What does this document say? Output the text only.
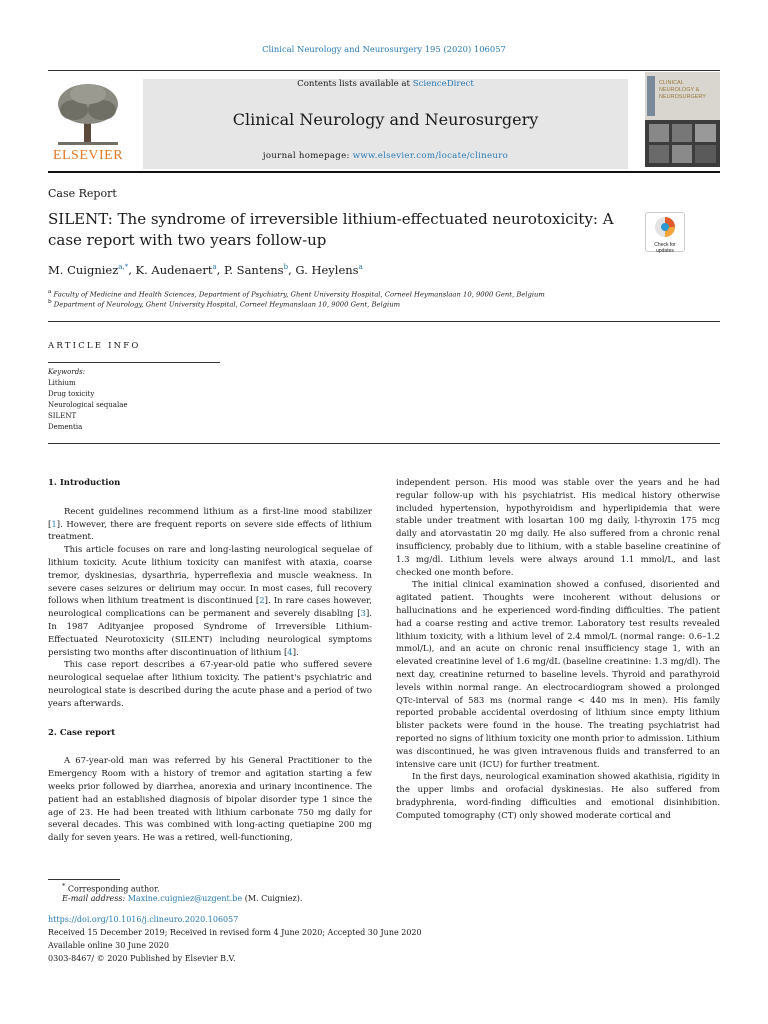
Clinical Neurology and Neurosurgery 195 (2020) 106057
ELSEVIER
Contents lists available at ScienceDirect
Clinical Neurology and Neurosurgery
journal homepage: www.elsevier.com/locate/clineuro
CLINICAL NEUROLOGY & NEUROSURGERY
Case Report
SILENT: The syndrome of irreversible lithium-effectuated neurotoxicity: A case report with two years follow-up	Check for updates
M. Cuigniez$^{a,*}$, K. Audenaert$^a$, P. Santens$^b$, G. Heylens$^a$
$^a$ Faculty of Medicine and Health Sciences, Department of Psychiatry, Ghent University Hospital, Corneel Heymanslaan 10, 9000 Gent, Belgium
$^b$ Department of Neurology, Ghent University Hospital, Corneel Heymanslaan 10, 9000 Gent, Belgium
ARTICLE INFO
Keywords:
Lithium
Drug toxicity
Neurological sequalae
SILENT
Dementia
1. Introduction

Recent guidelines recommend lithium as a first-line mood stabilizer [1]. However, there are frequent reports on severe side effects of lithium treatment.

This article focuses on rare and long-lasting neurological sequelae of lithium toxicity. Acute lithium toxicity can manifest with ataxia, coarse tremor, dyskinesias, dysarthria, hyperreflexia and muscle weakness. In severe cases seizures or delirium may occur. In most cases, full recovery follows when lithium treatment is discontinued [2]. In rare cases however, neurological complications can be permanent and severely disabling [3]. In 1987 Adityanjee proposed Syndrome of Irreversible Lithium-Effectuated Neurotoxicity (SILENT) including neurological symptoms persisting two months after discontinuation of lithium [4].

This case report describes a 67-year-old patie who suffered severe neurological sequelae after lithium toxicity. The patient's psychiatric and neurological state is described during the acute phase and a period of two years afterwards.

2. Case report

A 67-year-old man was referred by his General Practitioner to the Emergency Room with a history of tremor and agitation starting a few weeks prior followed by diarrhea, anorexia and urinary incontinence. The patient had an established diagnosis of bipolar disorder type 1 since the age of 23. He had been treated with lithium carbonate 750 mg daily for several decades. This was combined with long-acting quetiapine 200 mg daily for seven years. He was a retired, well-functioning,

independent person. His mood was stable over the years and he had regular follow-up with his psychiatrist. His medical history otherwise included hypertension, hypothyroidism and hyperlipidemia that were stable under treatment with losartan 100 mg daily, l-thyroxin 175 mcg daily and atorvastatin 20 mg daily. He also suffered from a chronic renal insufficiency, probably due to lithium, with a stable baseline creatinine of 1.3 mg/dl. Lithium levels were always around 1.1 mmol/L, and last checked one month before.

The initial clinical examination showed a confused, disoriented and agitated patient. Thoughts were incoherent without delusions or hallucinations and he experienced word-finding difficulties. The patient had a coarse resting and active tremor. Laboratory test results revealed lithium toxicity, with a lithium level of 2.4 mmol/L (normal range: 0.6–1.2 mmol/L), and an acute on chronic renal insufficiency stage 1, with an elevated creatinine level of 1.6 mg/dL (baseline creatinine: 1.3 mg/dl). The next day, creatinine returned to baseline levels. Thyroid and parathyroid levels within normal range. An electrocardiogram showed a prolonged QTc-interval of 583 ms (normal range < 440 ms in men). His family reported probable accidental overdosing of lithium since empty lithium blister packets were found in the house. The treating psychiatrist had reported no signs of lithium toxicity one month prior to admission. Lithium was discontinued, he was given intravenous fluids and transferred to an intensive care unit (ICU) for further treatment.

In the first days, neurological examination showed akathisia, rigidity in the upper limbs and orofacial dyskinesias. He also suffered from bradyphrenia, word-finding difficulties and emotional disinhibition. Computed tomography (CT) only showed moderate cortical and

* Corresponding author.
E-mail address: Maxine.cuigniez@uzgent.be (M. Cuigniez).
https://doi.org/10.1016/j.clineuro.2020.106057
Received 15 December 2019; Received in revised form 4 June 2020; Accepted 30 June 2020
Available online 30 June 2020
0303-8467/ © 2020 Published by Elsevier B.V.
